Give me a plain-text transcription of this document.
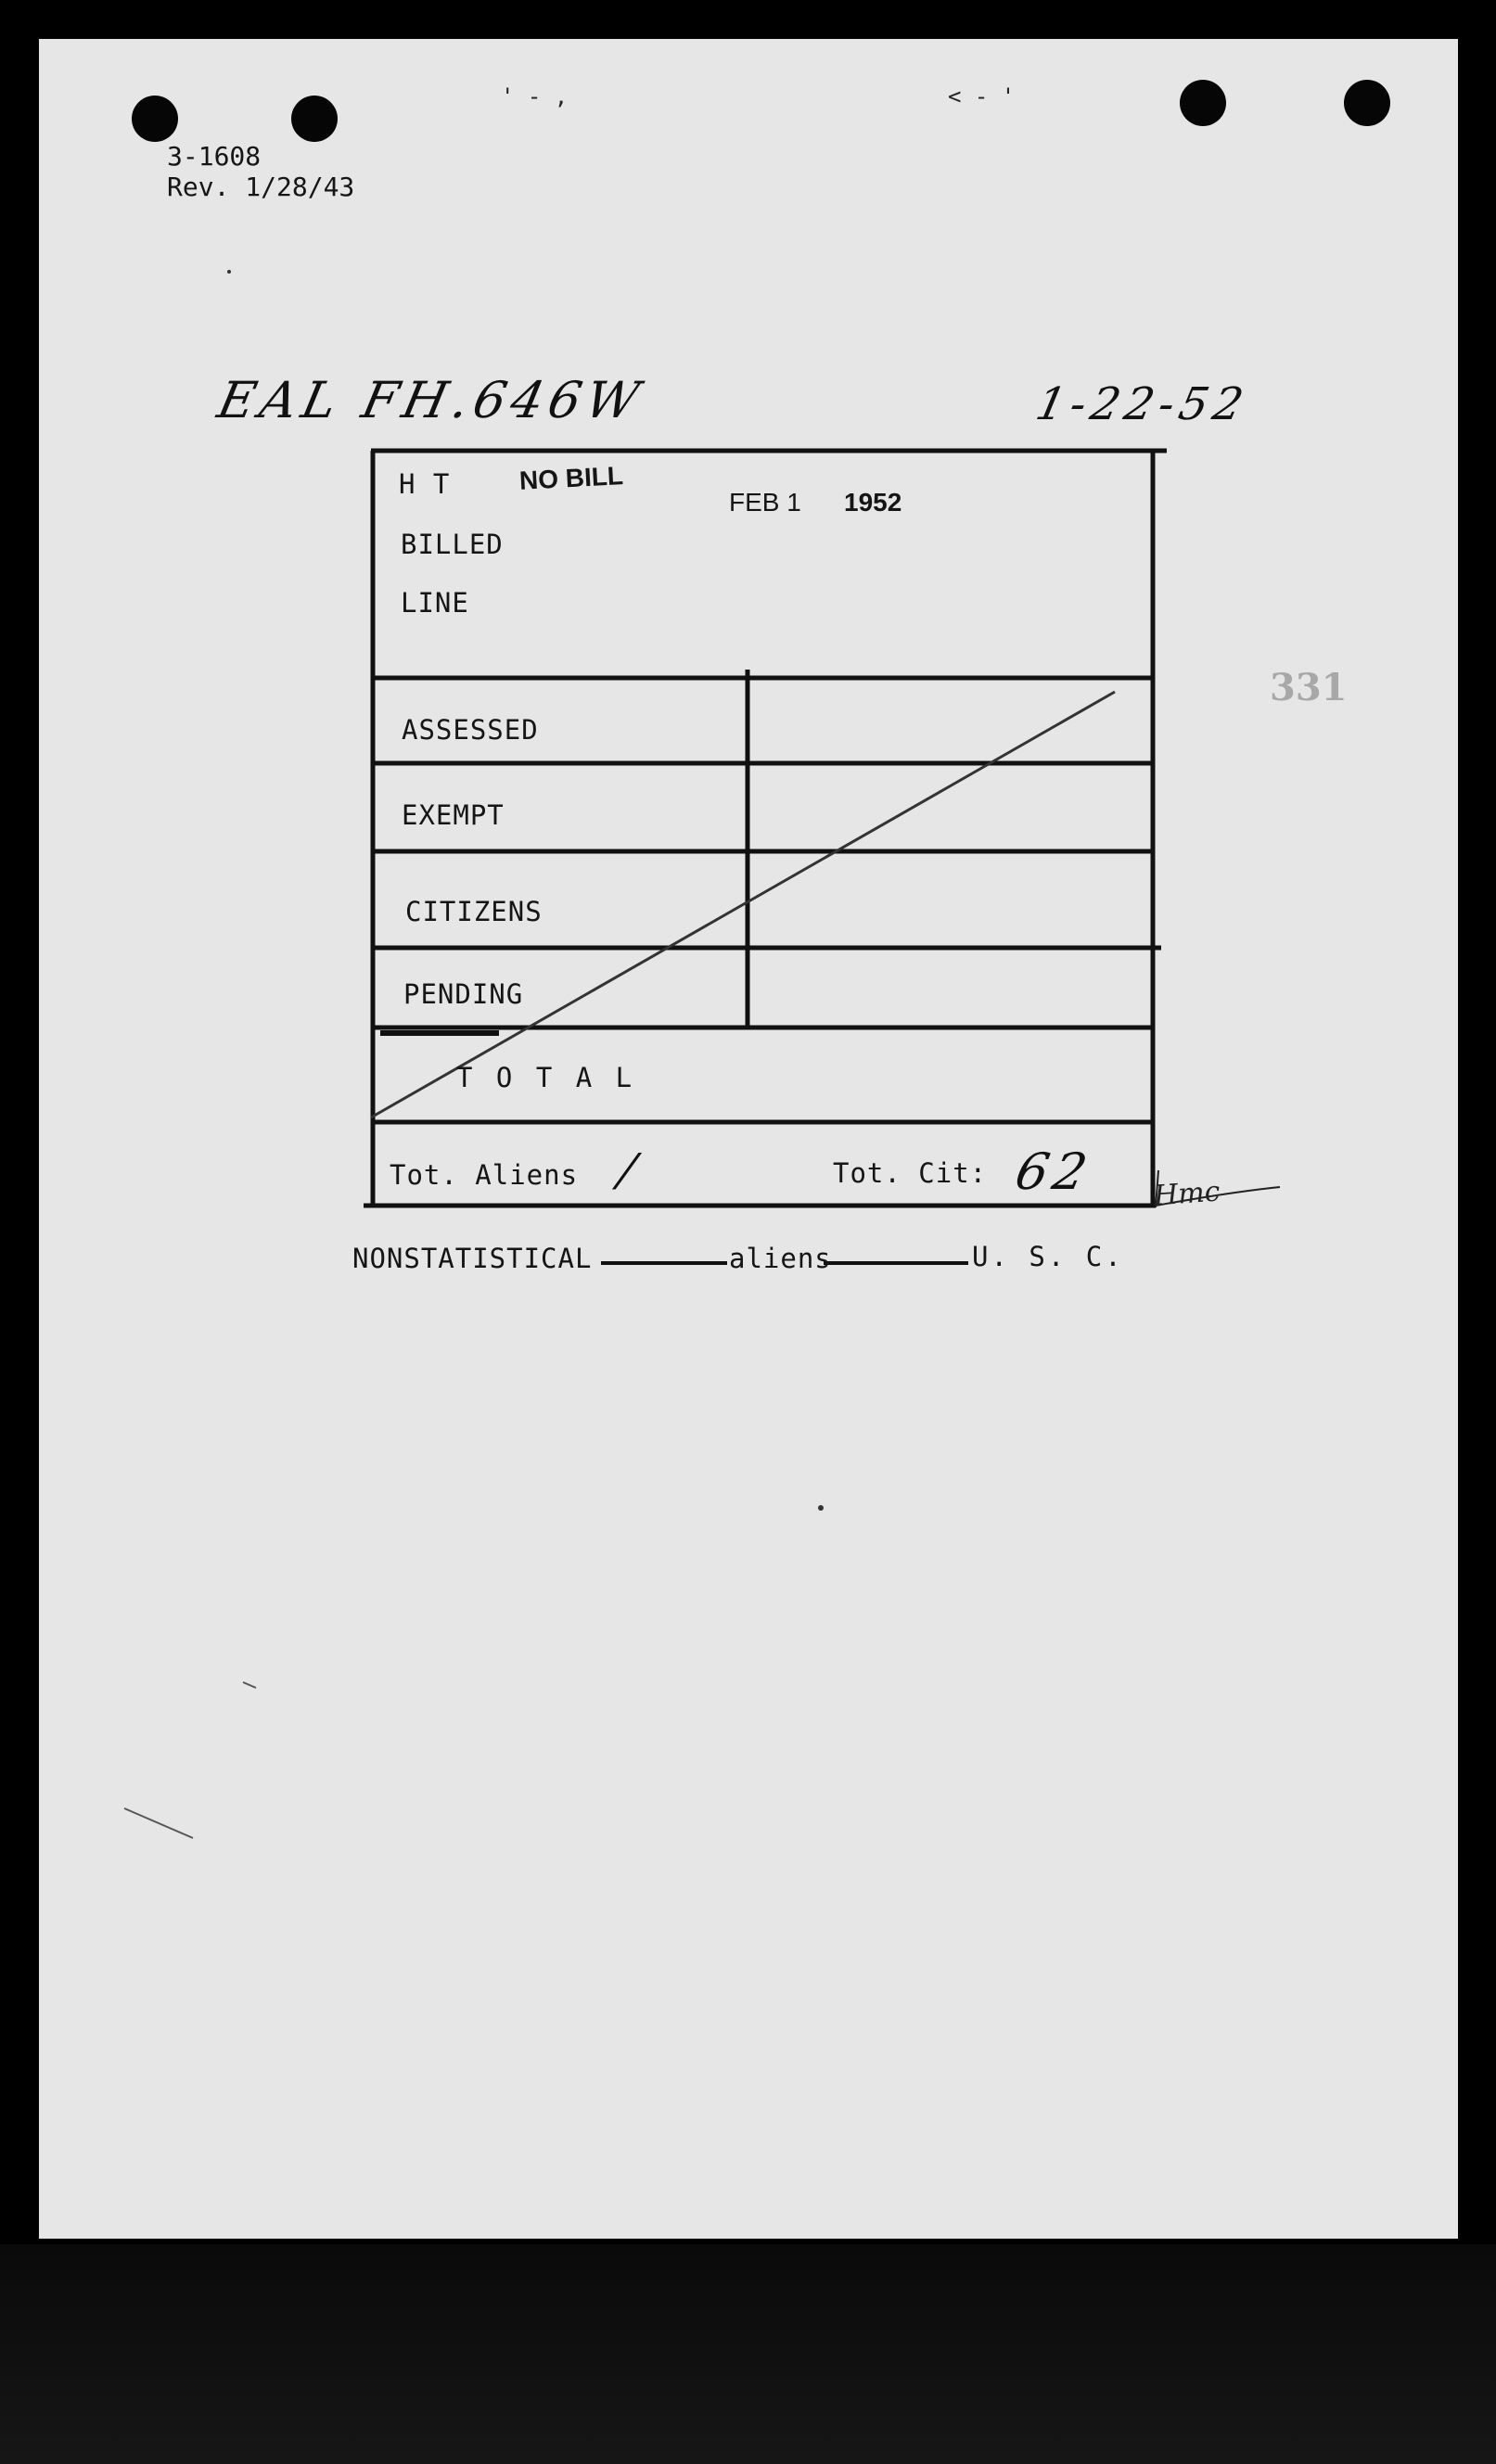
' - ,	< - '
3-1608
Rev. 1/28/43
EAL FH.646W	1-22-52
331
H T
BILLED
LINE
NO BILL
FEB 1 1952
ASSESSED
EXEMPT
CITIZENS
PENDING
T O T A L
Tot. Aliens /	Tot. Cit: 62 Hmc
NONSTATISTICAL	aliens	U. S. C.
